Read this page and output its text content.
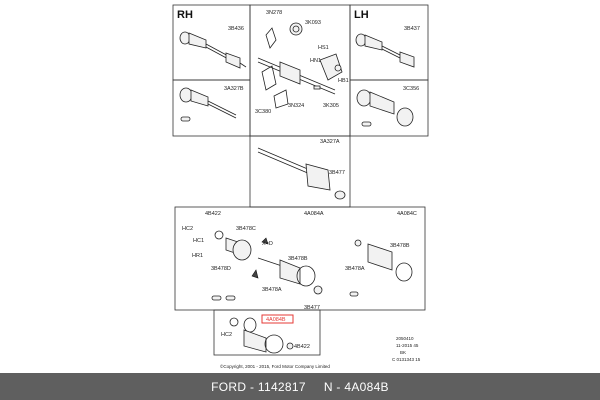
RH	LH
3B436
3A327B
3N278
3K093
HS1
HN1
HB1
3C380
3N324	3K305
3B437
3C356
3A327A
3B477
4B422	4A084A	4A084C
HC2
HC1
HR1
3B478C
X=D
3B478D
3B478B
3B478B
3B478A
3B478A
3B477
4A084B
HC2
4B422
2050410
11-2015 45
BK
C 0131343 15
©Copyright, 2001 - 2015, Ford Motor Company Limited
FORD - 1142817 N - 4A084B
